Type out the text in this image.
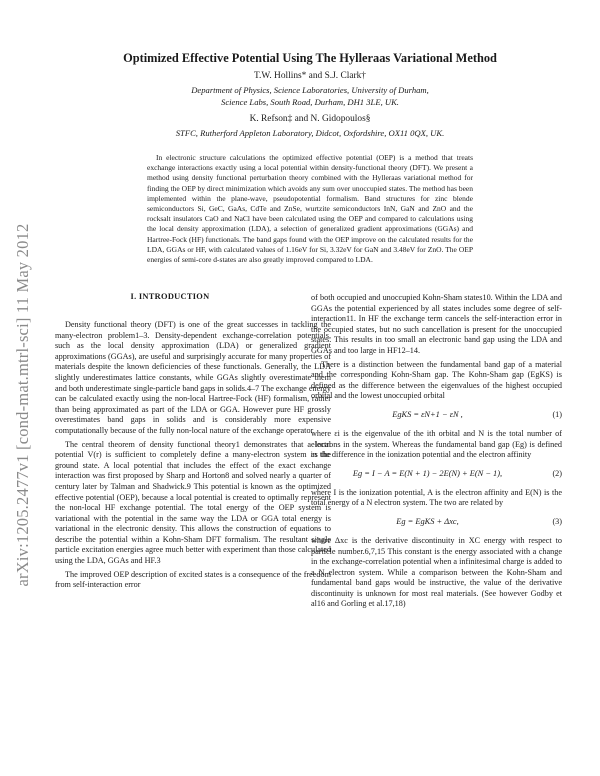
arXiv:1205.2477v1 [cond-mat.mtrl-sci] 11 May 2012
Optimized Effective Potential Using The Hylleraas Variational Method
T.W. Hollins* and S.J. Clark†
Department of Physics, Science Laboratories, University of Durham,
Science Labs, South Road, Durham, DH1 3LE, UK.
K. Refson‡ and N. Gidopoulos§
STFC, Rutherford Appleton Laboratory, Didcot, Oxfordshire, OX11 0QX, UK.
In electronic structure calculations the optimized effective potential (OEP) is a method that treats exchange interactions exactly using a local potential within density-functional theory (DFT). We present a method using density functional perturbation theory combined with the Hylleraas variational method for finding the OEP by direct minimization which avoids any sum over unoccupied states. The method has been implemented within the plane-wave, pseudopotential formalism. Band structures for zinc blende semiconductors Si, GeC, GaAs, CdTe and ZnSe, wurtzite semiconductors InN, GaN and ZnO and the rocksalt insulators CaO and NaCl have been calculated using the OEP and compared to calculations using the local density approximation (LDA), a selection of generalized gradient approximations (GGAs) and Hartree-Fock (HF) functionals. The band gaps found with the OEP improve on the calculated results for the LDA, GGAs or HF, with calculated values of 1.16eV for Si, 3.32eV for GaN and 3.48eV for ZnO. The OEP energies of semi-core d-states are also greatly improved compared to LDA.
I. INTRODUCTION

Density functional theory (DFT) is one of the great successes in tackling the many-electron problem1–3. Density-dependent exchange-correlation potentials, such as the local density approximation (LDA) or generalized gradient approximations (GGAs), are useful and surprisingly accurate for many properties of materials despite the known deficiencies of these functionals. Generally, the LDA slightly underestimates lattice constants, while GGAs slightly overestimate them and both underestimate single-particle band gaps in solids.4–7 The exchange energy can be calculated exactly using the non-local Hartree-Fock (HF) formalism, rather than being approximated as part of the LDA or GGA. However pure HF grossly overestimates band gaps in solids and is considerably more expensive computationally because of the fully non-local nature of the exchange operator.

The central theorem of density functional theory1 demonstrates that a local potential V(r) is sufficient to completely define a many-electron system in the ground state. A local potential that includes the effect of the exact exchange interaction was first proposed by Sharp and Horton8 and solved nearly a quarter of century later by Talman and Shadwick.9 This potential is known as the optimized effective potential (OEP), because a local potential is created to optimally represent the non-local HF exchange potential. The total energy of the OEP system is variational with the potential in the same way the LDA or GGA total energy is variational in the electronic density. This allows the construction of equations to describe the potential within a Kohn-Sham DFT formalism. The resultant single particle excitation energies agree much better with experiment than those calculated using the LDA, GGAs and HF.3

The improved OEP description of excited states is a consequence of the freedom from self-interaction error

of both occupied and unoccupied Kohn-Sham states10. Within the LDA and GGAs the potential experienced by all states includes some degree of self-interaction11. In HF the exchange term cancels the self-interaction error in the occupied states, but no such cancellation is present for the unoccupied states. This results in too small an electronic band gap using the LDA and GGAs and too large in HF12–14.

There is a distinction between the fundamental band gap of a material and the corresponding Kohn-Sham gap. The Kohn-Sham gap (EgKS) is defined as the difference between the eigenvalues of the highest occupied orbital and the lowest unoccupied orbital

EgKS = εN+1 − εN ,	(1)

where εi is the eigenvalue of the ith orbital and N is the total number of electrons in the system. Whereas the fundamental band gap (Eg) is defined as the difference in the ionization potential and the electron affinity

Eg = I − A = E(N + 1) − 2E(N) + E(N − 1),	(2)

where I is the ionization potential, A is the electron affinity and E(N) is the total energy of a N electron system. The two are related by

Eg = EgKS + Δxc,	(3)

where Δxc is the derivative discontinuity in XC energy with respect to particle number.6,7,15 This constant is the energy associated with a change in the exchange-correlation potential when a infinitesimal charge is added to a N electron system. While a comparison between the Kohn-Sham and fundamental band gaps would be instructive, the value of the derivative discontinuity is unknown for most real materials. (See however Godby et al16 and Gorling et al.17,18)
